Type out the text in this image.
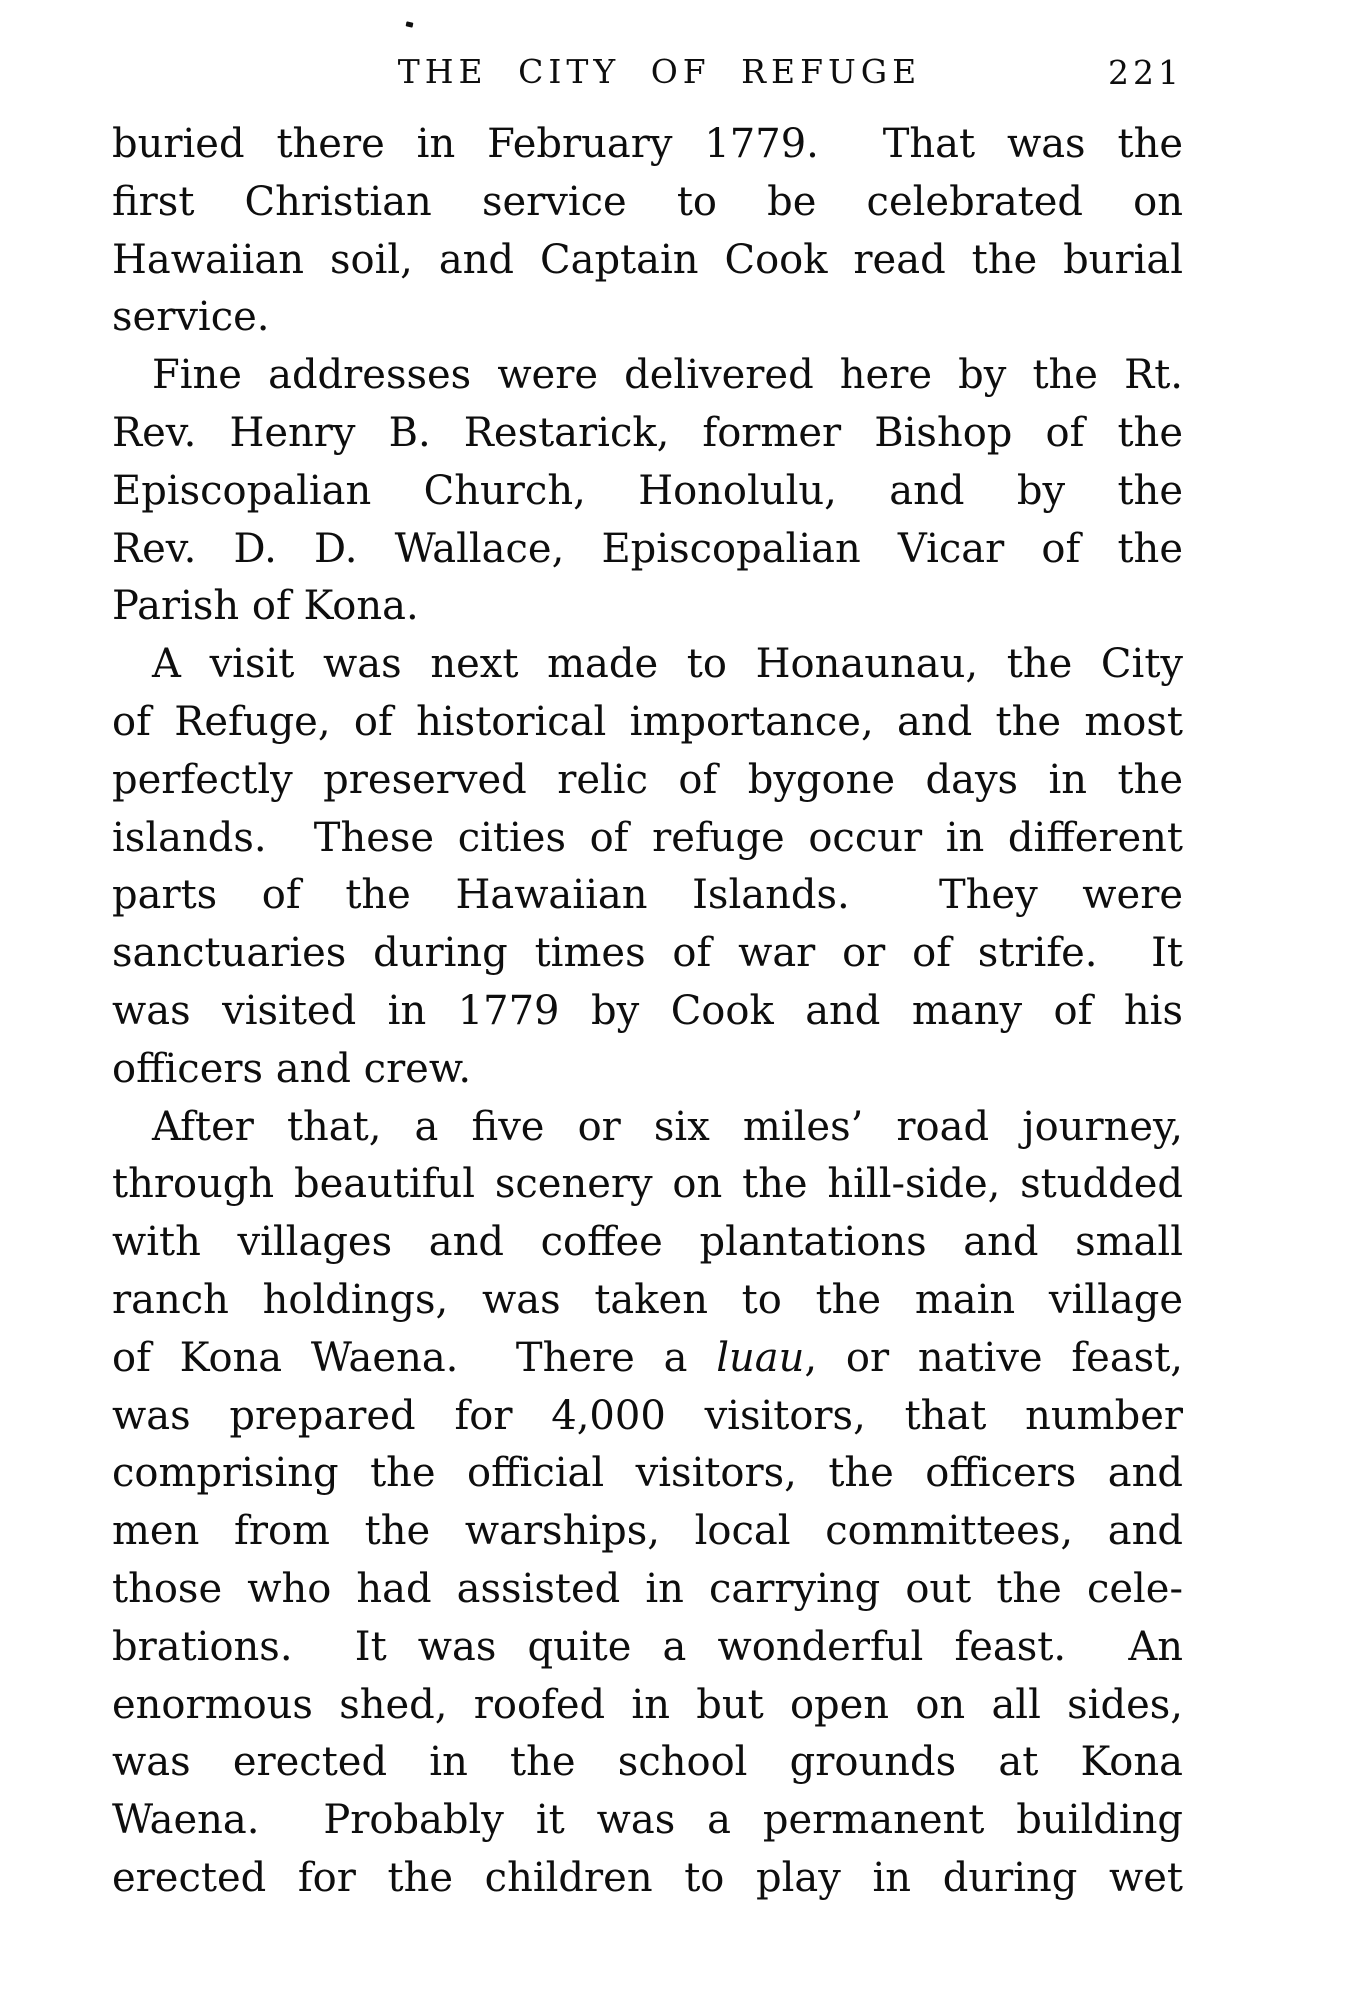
THE CITY OF REFUGE	221
buried there in February 1779.  That was the
first Christian service to be celebrated on
Hawaiian soil, and Captain Cook read the burial
service.
Fine addresses were delivered here by the Rt.
Rev. Henry B. Restarick, former Bishop of the
Episcopalian Church, Honolulu, and by the
Rev. D. D. Wallace, Episcopalian Vicar of the
Parish of Kona.
A visit was next made to Honaunau, the City
of Refuge, of historical importance, and the most
perfectly preserved relic of bygone days in the
islands.  These cities of refuge occur in different
parts of the Hawaiian Islands.  They were
sanctuaries during times of war or of strife.  It
was visited in 1779 by Cook and many of his
officers and crew.
After that, a five or six miles’ road journey,
through beautiful scenery on the hill-side, studded
with villages and coffee plantations and small
ranch holdings, was taken to the main village
of Kona Waena.  There a luau, or native feast,
was prepared for 4,000 visitors, that number
comprising the official visitors, the officers and
men from the warships, local committees, and
those who had assisted in carrying out the cele-
brations.  It was quite a wonderful feast.  An
enormous shed, roofed in but open on all sides,
was erected in the school grounds at Kona
Waena.  Probably it was a permanent building
erected for the children to play in during wet
